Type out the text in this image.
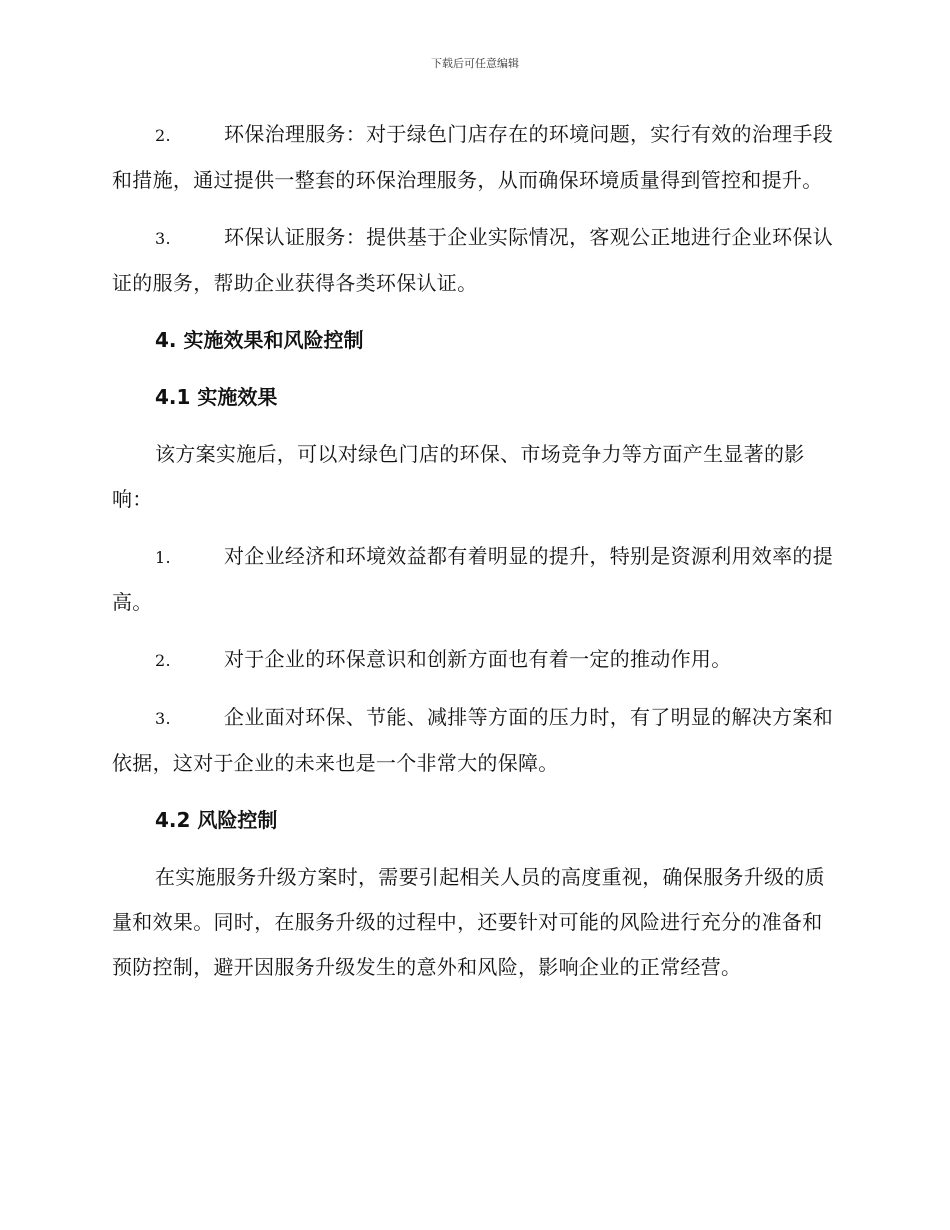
下载后可任意编辑

2.	环保治理服务：对于绿色门店存在的环境问题，实行有效的治理手段和措施，通过提供一整套的环保治理服务，从而确保环境质量得到管控和提升。

3.	环保认证服务：提供基于企业实际情况，客观公正地进行企业环保认证的服务，帮助企业获得各类环保认证。

4. 实施效果和风险控制
4.1 实施效果

该方案实施后，可以对绿色门店的环保、市场竞争力等方面产生显著的影响：

1.	对企业经济和环境效益都有着明显的提升，特别是资源利用效率的提高。

2.	对于企业的环保意识和创新方面也有着一定的推动作用。

3.	企业面对环保、节能、减排等方面的压力时，有了明显的解决方案和依据，这对于企业的未来也是一个非常大的保障。

4.2 风险控制

在实施服务升级方案时，需要引起相关人员的高度重视，确保服务升级的质量和效果。同时，在服务升级的过程中，还要针对可能的风险进行充分的准备和预防控制，避开因服务升级发生的意外和风险，影响企业的正常经营。
